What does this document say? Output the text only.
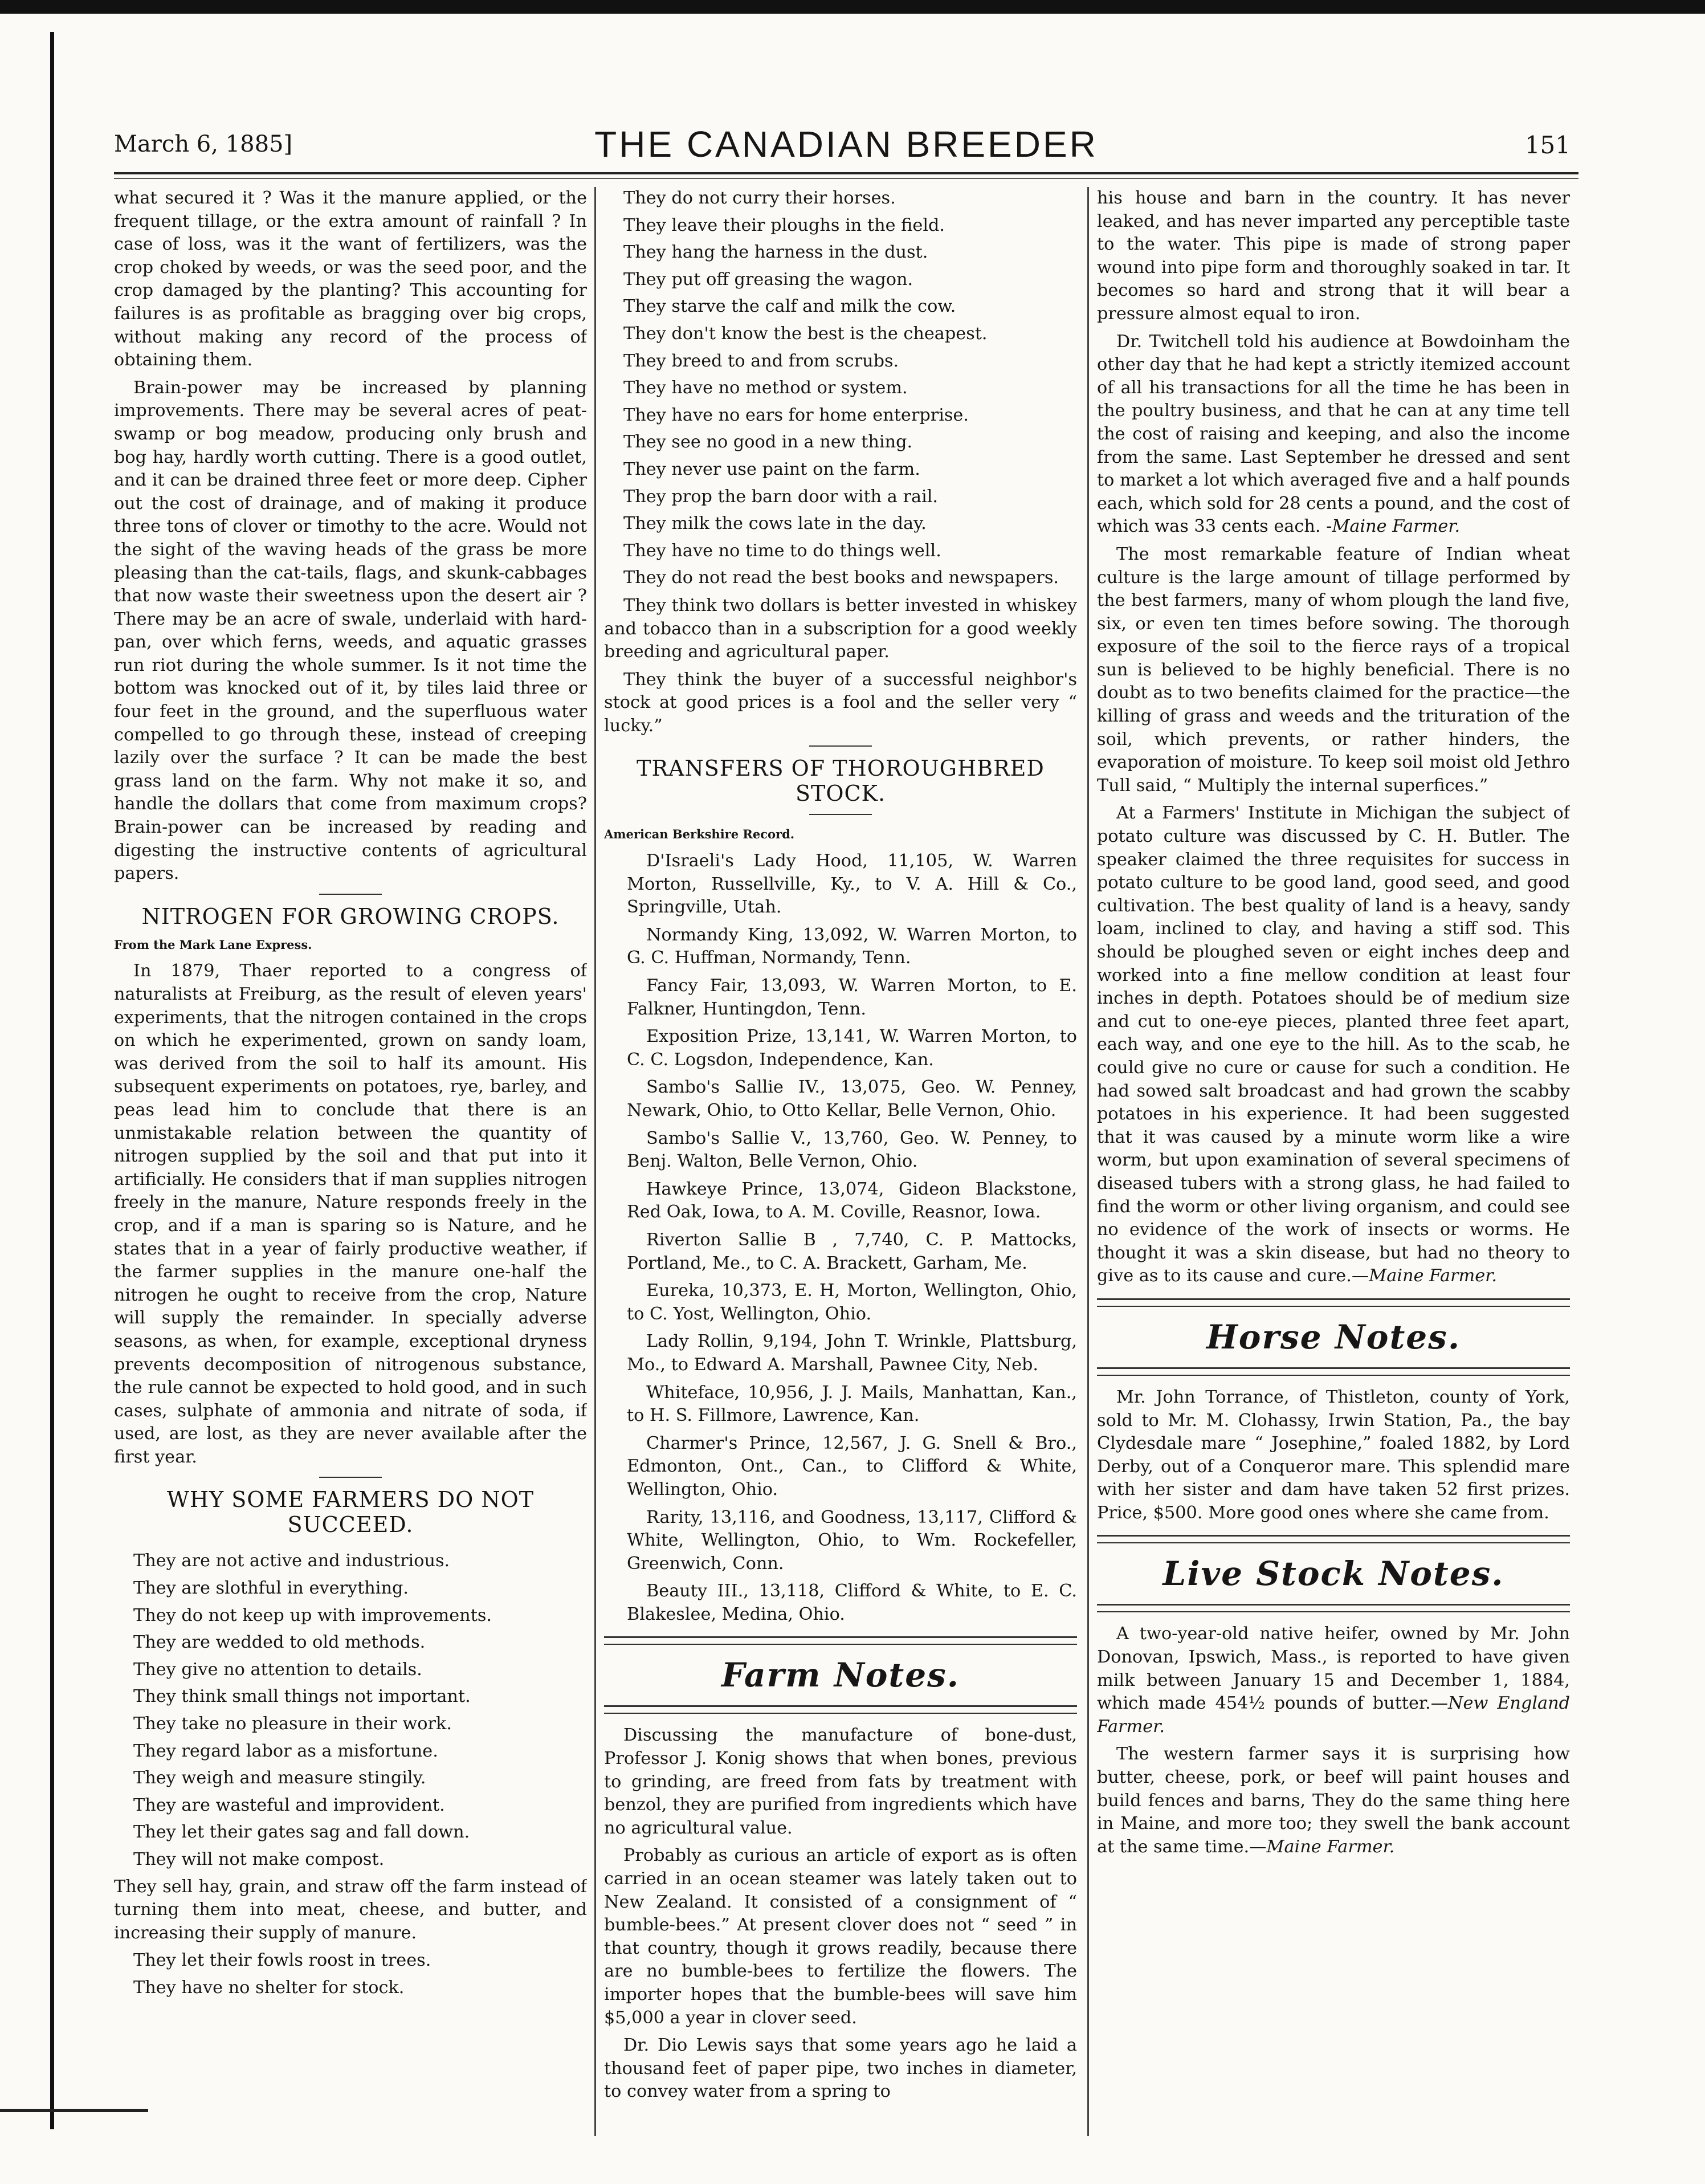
March 6, 1885]	THE CANADIAN BREEDER	151

what secured it ? Was it the manure applied, or the frequent tillage, or the extra amount of rainfall ? In case of loss, was it the want of fertilizers, was the crop choked by weeds, or was the seed poor, and the crop damaged by the planting? This accounting for failures is as profitable as bragging over big crops, without making any record of the process of obtaining them.

Brain-power may be increased by planning improvements. There may be several acres of peat-swamp or bog meadow, producing only brush and bog hay, hardly worth cutting. There is a good outlet, and it can be drained three feet or more deep. Cipher out the cost of drainage, and of making it produce three tons of clover or timothy to the acre. Would not the sight of the waving heads of the grass be more pleasing than the cat-tails, flags, and skunk-cabbages that now waste their sweetness upon the desert air ? There may be an acre of swale, underlaid with hard-pan, over which ferns, weeds, and aquatic grasses run riot during the whole summer. Is it not time the bottom was knocked out of it, by tiles laid three or four feet in the ground, and the superfluous water compelled to go through these, instead of creeping lazily over the surface ? It can be made the best grass land on the farm. Why not make it so, and handle the dollars that come from maximum crops? Brain-power can be increased by reading and digesting the instructive contents of agricultural papers.

NITROGEN FOR GROWING CROPS.
From the Mark Lane Express.

In 1879, Thaer reported to a congress of naturalists at Freiburg, as the result of eleven years' experiments, that the nitrogen contained in the crops on which he experimented, grown on sandy loam, was derived from the soil to half its amount. His subsequent experiments on potatoes, rye, barley, and peas lead him to conclude that there is an unmistakable relation between the quantity of nitrogen supplied by the soil and that put into it artificially. He considers that if man supplies nitrogen freely in the manure, Nature responds freely in the crop, and if a man is sparing so is Nature, and he states that in a year of fairly productive weather, if the farmer supplies in the manure one-half the nitrogen he ought to receive from the crop, Nature will supply the remainder. In specially adverse seasons, as when, for example, exceptional dryness prevents decomposition of nitrogenous substance, the rule cannot be expected to hold good, and in such cases, sulphate of ammonia and nitrate of soda, if used, are lost, as they are never available after the first year.

WHY SOME FARMERS DO NOT SUCCEED.

They are not active and industrious.

They are slothful in everything.

They do not keep up with improvements.

They are wedded to old methods.

They give no attention to details.

They think small things not important.

They take no pleasure in their work.

They regard labor as a misfortune.

They weigh and measure stingily.

They are wasteful and improvident.

They let their gates sag and fall down.

They will not make compost.

They sell hay, grain, and straw off the farm instead of turning them into meat, cheese, and butter, and increasing their supply of manure.

They let their fowls roost in trees.

They have no shelter for stock.

They do not curry their horses.

They leave their ploughs in the field.

They hang the harness in the dust.

They put off greasing the wagon.

They starve the calf and milk the cow.

They don't know the best is the cheapest.

They breed to and from scrubs.

They have no method or system.

They have no ears for home enterprise.

They see no good in a new thing.

They never use paint on the farm.

They prop the barn door with a rail.

They milk the cows late in the day.

They have no time to do things well.

They do not read the best books and newspapers.

They think two dollars is better invested in whiskey and tobacco than in a subscription for a good weekly breeding and agricultural paper.

They think the buyer of a successful neighbor's stock at good prices is a fool and the seller very “ lucky.”

TRANSFERS OF THOROUGHBRED STOCK.
American Berkshire Record.

D'Israeli's Lady Hood, 11,105, W. Warren Morton, Russellville, Ky., to V. A. Hill & Co., Springville, Utah.

Normandy King, 13,092, W. Warren Morton, to G. C. Huffman, Normandy, Tenn.

Fancy Fair, 13,093, W. Warren Morton, to E. Falkner, Huntingdon, Tenn.

Exposition Prize, 13,141, W. Warren Morton, to C. C. Logsdon, Independence, Kan.

Sambo's Sallie IV., 13,075, Geo. W. Penney, Newark, Ohio, to Otto Kellar, Belle Vernon, Ohio.

Sambo's Sallie V., 13,760, Geo. W. Penney, to Benj. Walton, Belle Vernon, Ohio.

Hawkeye Prince, 13,074, Gideon Blackstone, Red Oak, Iowa, to A. M. Coville, Reasnor, Iowa.

Riverton Sallie B , 7,740, C. P. Mattocks, Portland, Me., to C. A. Brackett, Garham, Me.

Eureka, 10,373, E. H, Morton, Wellington, Ohio, to C. Yost, Wellington, Ohio.

Lady Rollin, 9,194, John T. Wrinkle, Plattsburg, Mo., to Edward A. Marshall, Pawnee City, Neb.

Whiteface, 10,956, J. J. Mails, Manhattan, Kan., to H. S. Fillmore, Lawrence, Kan.

Charmer's Prince, 12,567, J. G. Snell & Bro., Edmonton, Ont., Can., to Clifford & White, Wellington, Ohio.

Rarity, 13,116, and Goodness, 13,117, Clifford & White, Wellington, Ohio, to Wm. Rockefeller, Greenwich, Conn.

Beauty III., 13,118, Clifford & White, to E. C. Blakeslee, Medina, Ohio.

Farm Notes.

Discussing the manufacture of bone-dust, Professor J. Konig shows that when bones, previous to grinding, are freed from fats by treatment with benzol, they are purified from ingredients which have no agricultural value.

Probably as curious an article of export as is often carried in an ocean steamer was lately taken out to New Zealand. It consisted of a consignment of “ bumble-bees.” At present clover does not “ seed ” in that country, though it grows readily, because there are no bumble-bees to fertilize the flowers. The importer hopes that the bumble-bees will save him $5,000 a year in clover seed.

Dr. Dio Lewis says that some years ago he laid a thousand feet of paper pipe, two inches in diameter, to convey water from a spring to

his house and barn in the country. It has never leaked, and has never imparted any perceptible taste to the water. This pipe is made of strong paper wound into pipe form and thoroughly soaked in tar. It becomes so hard and strong that it will bear a pressure almost equal to iron.

Dr. Twitchell told his audience at Bowdoinham the other day that he had kept a strictly itemized account of all his transactions for all the time he has been in the poultry business, and that he can at any time tell the cost of raising and keeping, and also the income from the same. Last September he dressed and sent to market a lot which averaged five and a half pounds each, which sold for 28 cents a pound, and the cost of which was 33 cents each. -Maine Farmer.

The most remarkable feature of Indian wheat culture is the large amount of tillage performed by the best farmers, many of whom plough the land five, six, or even ten times before sowing. The thorough exposure of the soil to the fierce rays of a tropical sun is believed to be highly beneficial. There is no doubt as to two benefits claimed for the practice—the killing of grass and weeds and the trituration of the soil, which prevents, or rather hinders, the evaporation of moisture. To keep soil moist old Jethro Tull said, “ Multiply the internal superfices.”

At a Farmers' Institute in Michigan the subject of potato culture was discussed by C. H. Butler. The speaker claimed the three requisites for success in potato culture to be good land, good seed, and good cultivation. The best quality of land is a heavy, sandy loam, inclined to clay, and having a stiff sod. This should be ploughed seven or eight inches deep and worked into a fine mellow condition at least four inches in depth. Potatoes should be of medium size and cut to one-eye pieces, planted three feet apart, each way, and one eye to the hill. As to the scab, he could give no cure or cause for such a condition. He had sowed salt broadcast and had grown the scabby potatoes in his experience. It had been suggested that it was caused by a minute worm like a wire worm, but upon examination of several specimens of diseased tubers with a strong glass, he had failed to find the worm or other living organism, and could see no evidence of the work of insects or worms. He thought it was a skin disease, but had no theory to give as to its cause and cure.—Maine Farmer.

Horse Notes.

Mr. John Torrance, of Thistleton, county of York, sold to Mr. M. Clohassy, Irwin Station, Pa., the bay Clydesdale mare “ Josephine,” foaled 1882, by Lord Derby, out of a Conqueror mare. This splendid mare with her sister and dam have taken 52 first prizes. Price, $500. More good ones where she came from.

Live Stock Notes.

A two-year-old native heifer, owned by Mr. John Donovan, Ipswich, Mass., is reported to have given milk between January 15 and December 1, 1884, which made 454½ pounds of butter.—New England Farmer.

The western farmer says it is surprising how butter, cheese, pork, or beef will paint houses and build fences and barns, They do the same thing here in Maine, and more too; they swell the bank account at the same time.—Maine Farmer.
